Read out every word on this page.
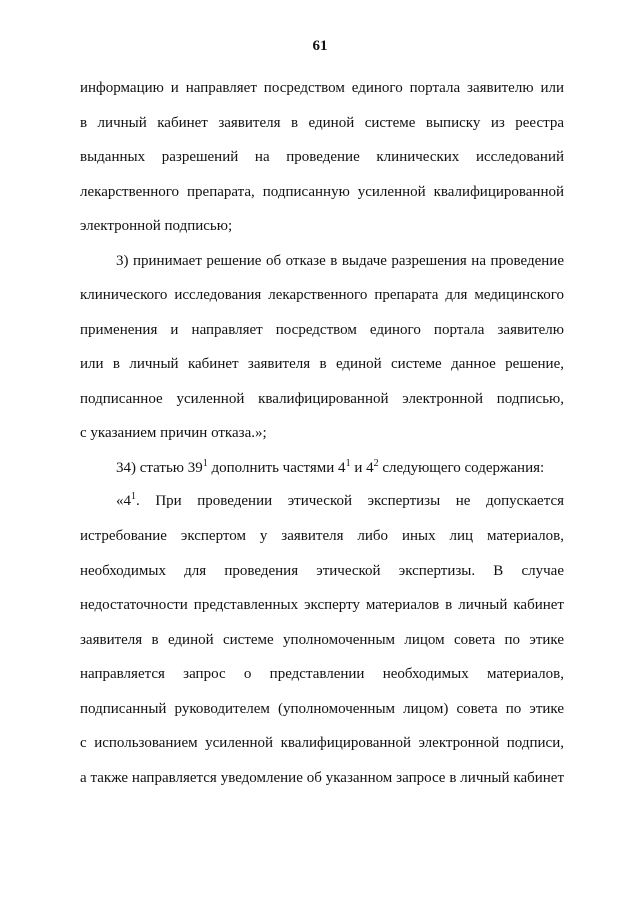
61
информацию и направляет посредством единого портала заявителю или
в личный кабинет заявителя в единой системе выписку из реестра
выданных разрешений на проведение клинических исследований
лекарственного препарата, подписанную усиленной квалифицированной
электронной подписью;
3) принимает решение об отказе в выдаче разрешения на проведение
клинического исследования лекарственного препарата для медицинского
применения и направляет посредством единого портала заявителю
или в личный кабинет заявителя в единой системе данное решение,
подписанное усиленной квалифицированной электронной подписью,
с указанием причин отказа.»;
34) статью $39^1$ дополнить частями $4^1$ и $4^2$ следующего содержания:
«$4^1$. При проведении этической экспертизы не допускается
истребование экспертом у заявителя либо иных лиц материалов,
необходимых для проведения этической экспертизы. В случае
недостаточности представленных эксперту материалов в личный кабинет
заявителя в единой системе уполномоченным лицом совета по этике
направляется запрос о представлении необходимых материалов,
подписанный руководителем (уполномоченным лицом) совета по этике
с использованием усиленной квалифицированной электронной подписи,
а также направляется уведомление об указанном запросе в личный кабинет
